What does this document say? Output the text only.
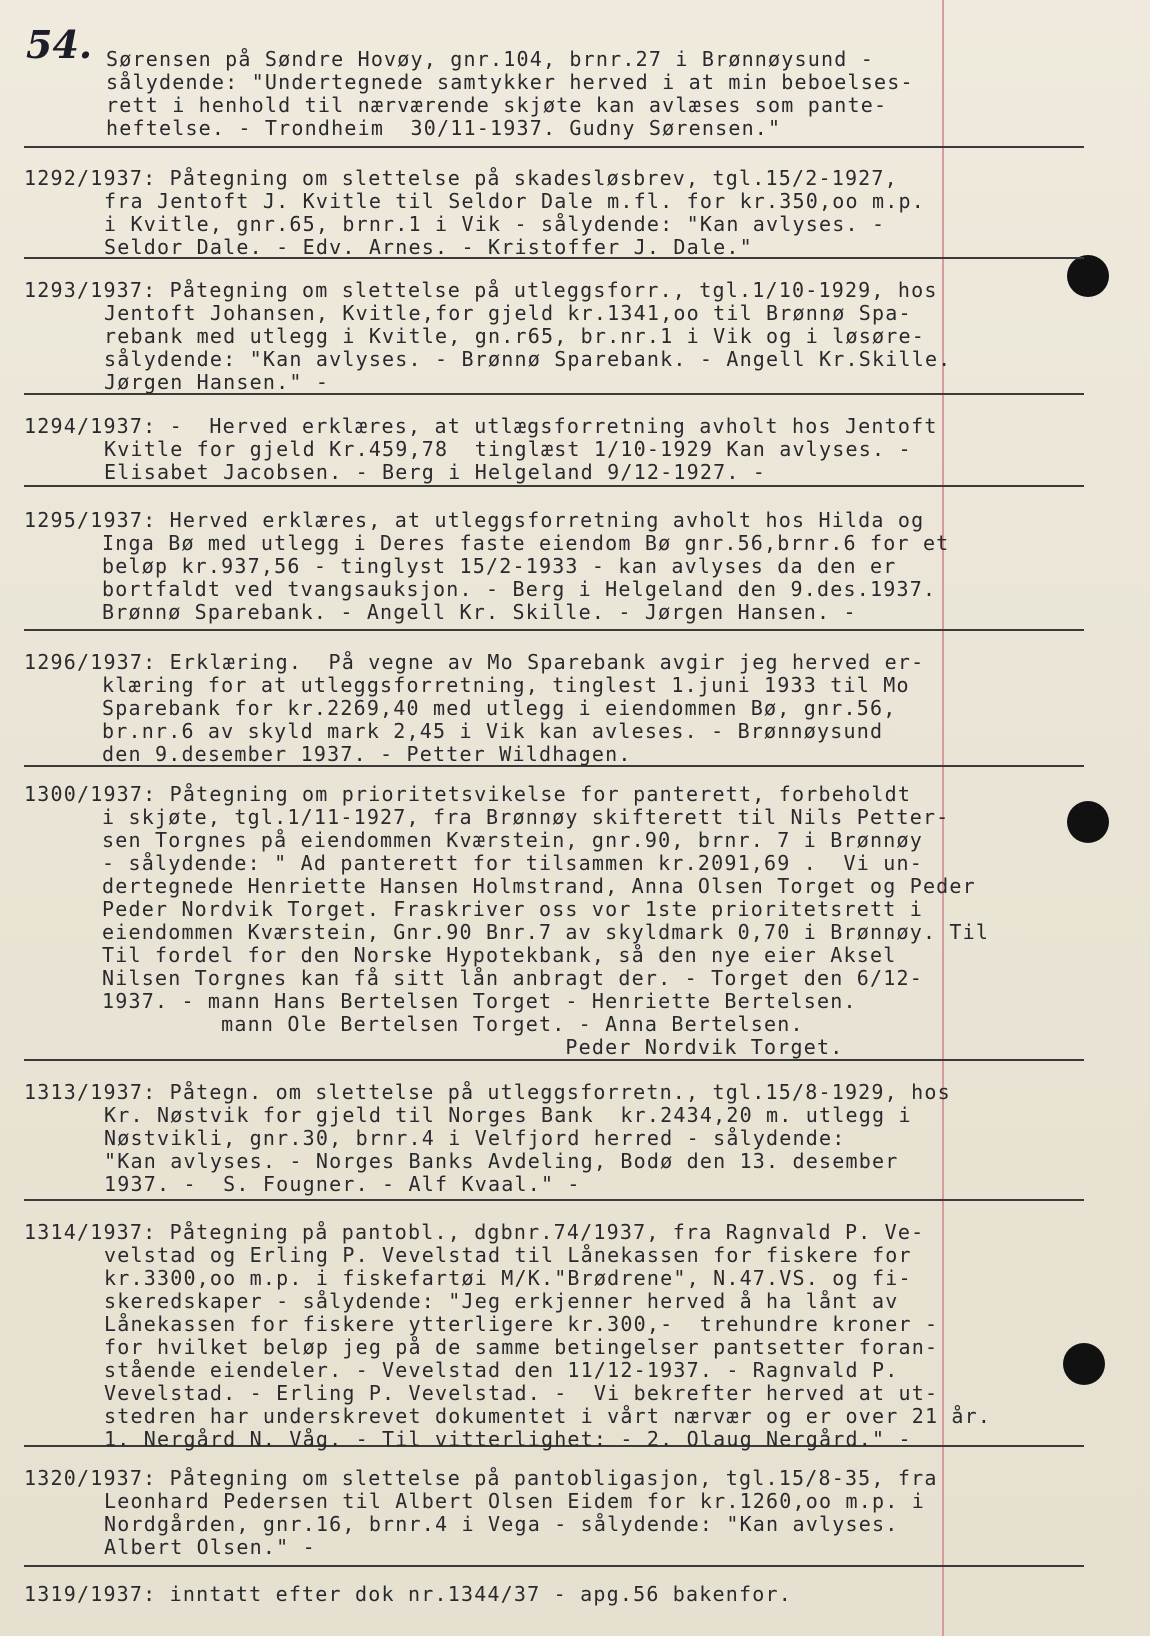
54. Sørensen på Søndre Hovøy, gnr.104, brnr.27 i Brønnøysund -
sålydende: "Undertegnede samtykker herved i at min beboelses-
rett i henhold til nærværende skjøte kan avlæses som pante-
heftelse. - Trondheim  30/11-1937. Gudny Sørensen."
1292/1937: Påtegning om slettelse på skadesløsbrev, tgl.15/2-1927,
fra Jentoft J. Kvitle til Seldor Dale m.fl. for kr.350,oo m.p.
i Kvitle, gnr.65, brnr.1 i Vik - sålydende: "Kan avlyses. -
Seldor Dale. - Edv. Arnes. - Kristoffer J. Dale."
1293/1937: Påtegning om slettelse på utleggsforr., tgl.1/10-1929, hos
Jentoft Johansen, Kvitle,for gjeld kr.1341,oo til Brønnø Spa-
rebank med utlegg i Kvitle, gn.r65, br.nr.1 i Vik og i løsøre-
sålydende: "Kan avlyses. - Brønnø Sparebank. - Angell Kr.Skille.
Jørgen Hansen." -
1294/1937: -  Herved erklæres, at utlægsforretning avholt hos Jentoft
Kvitle for gjeld Kr.459,78  tinglæst 1/10-1929 Kan avlyses. -
Elisabet Jacobsen. - Berg i Helgeland 9/12-1927. -
1295/1937: Herved erklæres, at utleggsforretning avholt hos Hilda og
Inga Bø med utlegg i Deres faste eiendom Bø gnr.56,brnr.6 for et
beløp kr.937,56 - tinglyst 15/2-1933 - kan avlyses da den er
bortfaldt ved tvangsauksjon. - Berg i Helgeland den 9.des.1937.
Brønnø Sparebank. - Angell Kr. Skille. - Jørgen Hansen. -
1296/1937: Erklæring.  På vegne av Mo Sparebank avgir jeg herved er-
klæring for at utleggsforretning, tinglest 1.juni 1933 til Mo
Sparebank for kr.2269,40 med utlegg i eiendommen Bø, gnr.56,
br.nr.6 av skyld mark 2,45 i Vik kan avleses. - Brønnøysund
den 9.desember 1937. - Petter Wildhagen.
1300/1937: Påtegning om prioritetsvikelse for panterett, forbeholdt
i skjøte, tgl.1/11-1927, fra Brønnøy skifterett til Nils Petter-
sen Torgnes på eiendommen Kværstein, gnr.90, brnr. 7 i Brønnøy
- sålydende: " Ad panterett for tilsammen kr.2091,69 .  Vi un-
dertegnede Henriette Hansen Holmstrand, Anna Olsen Torget og Peder
Peder Nordvik Torget. Fraskriver oss vor 1ste prioritetsrett i
eiendommen Kværstein, Gnr.90 Bnr.7 av skyldmark 0,70 i Brønnøy. Til
Til fordel for den Norske Hypotekbank, så den nye eier Aksel
Nilsen Torgnes kan få sitt lån anbragt der. - Torget den 6/12-
1937. - mann Hans Bertelsen Torget - Henriette Bertelsen.
mann Ole Bertelsen Torget. - Anna Bertelsen.
Peder Nordvik Torget.
1313/1937: Påtegn. om slettelse på utleggsforretn., tgl.15/8-1929, hos
Kr. Nøstvik for gjeld til Norges Bank  kr.2434,20 m. utlegg i
Nøstvikli, gnr.30, brnr.4 i Velfjord herred - sålydende:
"Kan avlyses. - Norges Banks Avdeling, Bodø den 13. desember
1937. -  S. Fougner. - Alf Kvaal." -
1314/1937: Påtegning på pantobl., dgbnr.74/1937, fra Ragnvald P. Ve-
velstad og Erling P. Vevelstad til Lånekassen for fiskere for
kr.3300,oo m.p. i fiskefartøi M/K."Brødrene", N.47.VS. og fi-
skeredskaper - sålydende: "Jeg erkjenner herved å ha lånt av
Lånekassen for fiskere ytterligere kr.300,-  trehundre kroner -
for hvilket beløp jeg på de samme betingelser pantsetter foran-
stående eiendeler. - Vevelstad den 11/12-1937. - Ragnvald P.
Vevelstad. - Erling P. Vevelstad. -  Vi bekrefter herved at ut-
stedren har underskrevet dokumentet i vårt nærvær og er over 21 år.
1. Nergård N. Våg. - Til vitterlighet: - 2. Olaug Nergård." -
1320/1937: Påtegning om slettelse på pantobligasjon, tgl.15/8-35, fra
Leonhard Pedersen til Albert Olsen Eidem for kr.1260,oo m.p. i
Nordgården, gnr.16, brnr.4 i Vega - sålydende: "Kan avlyses.
Albert Olsen." -
1319/1937: inntatt efter dok nr.1344/37 - apg.56 bakenfor.
